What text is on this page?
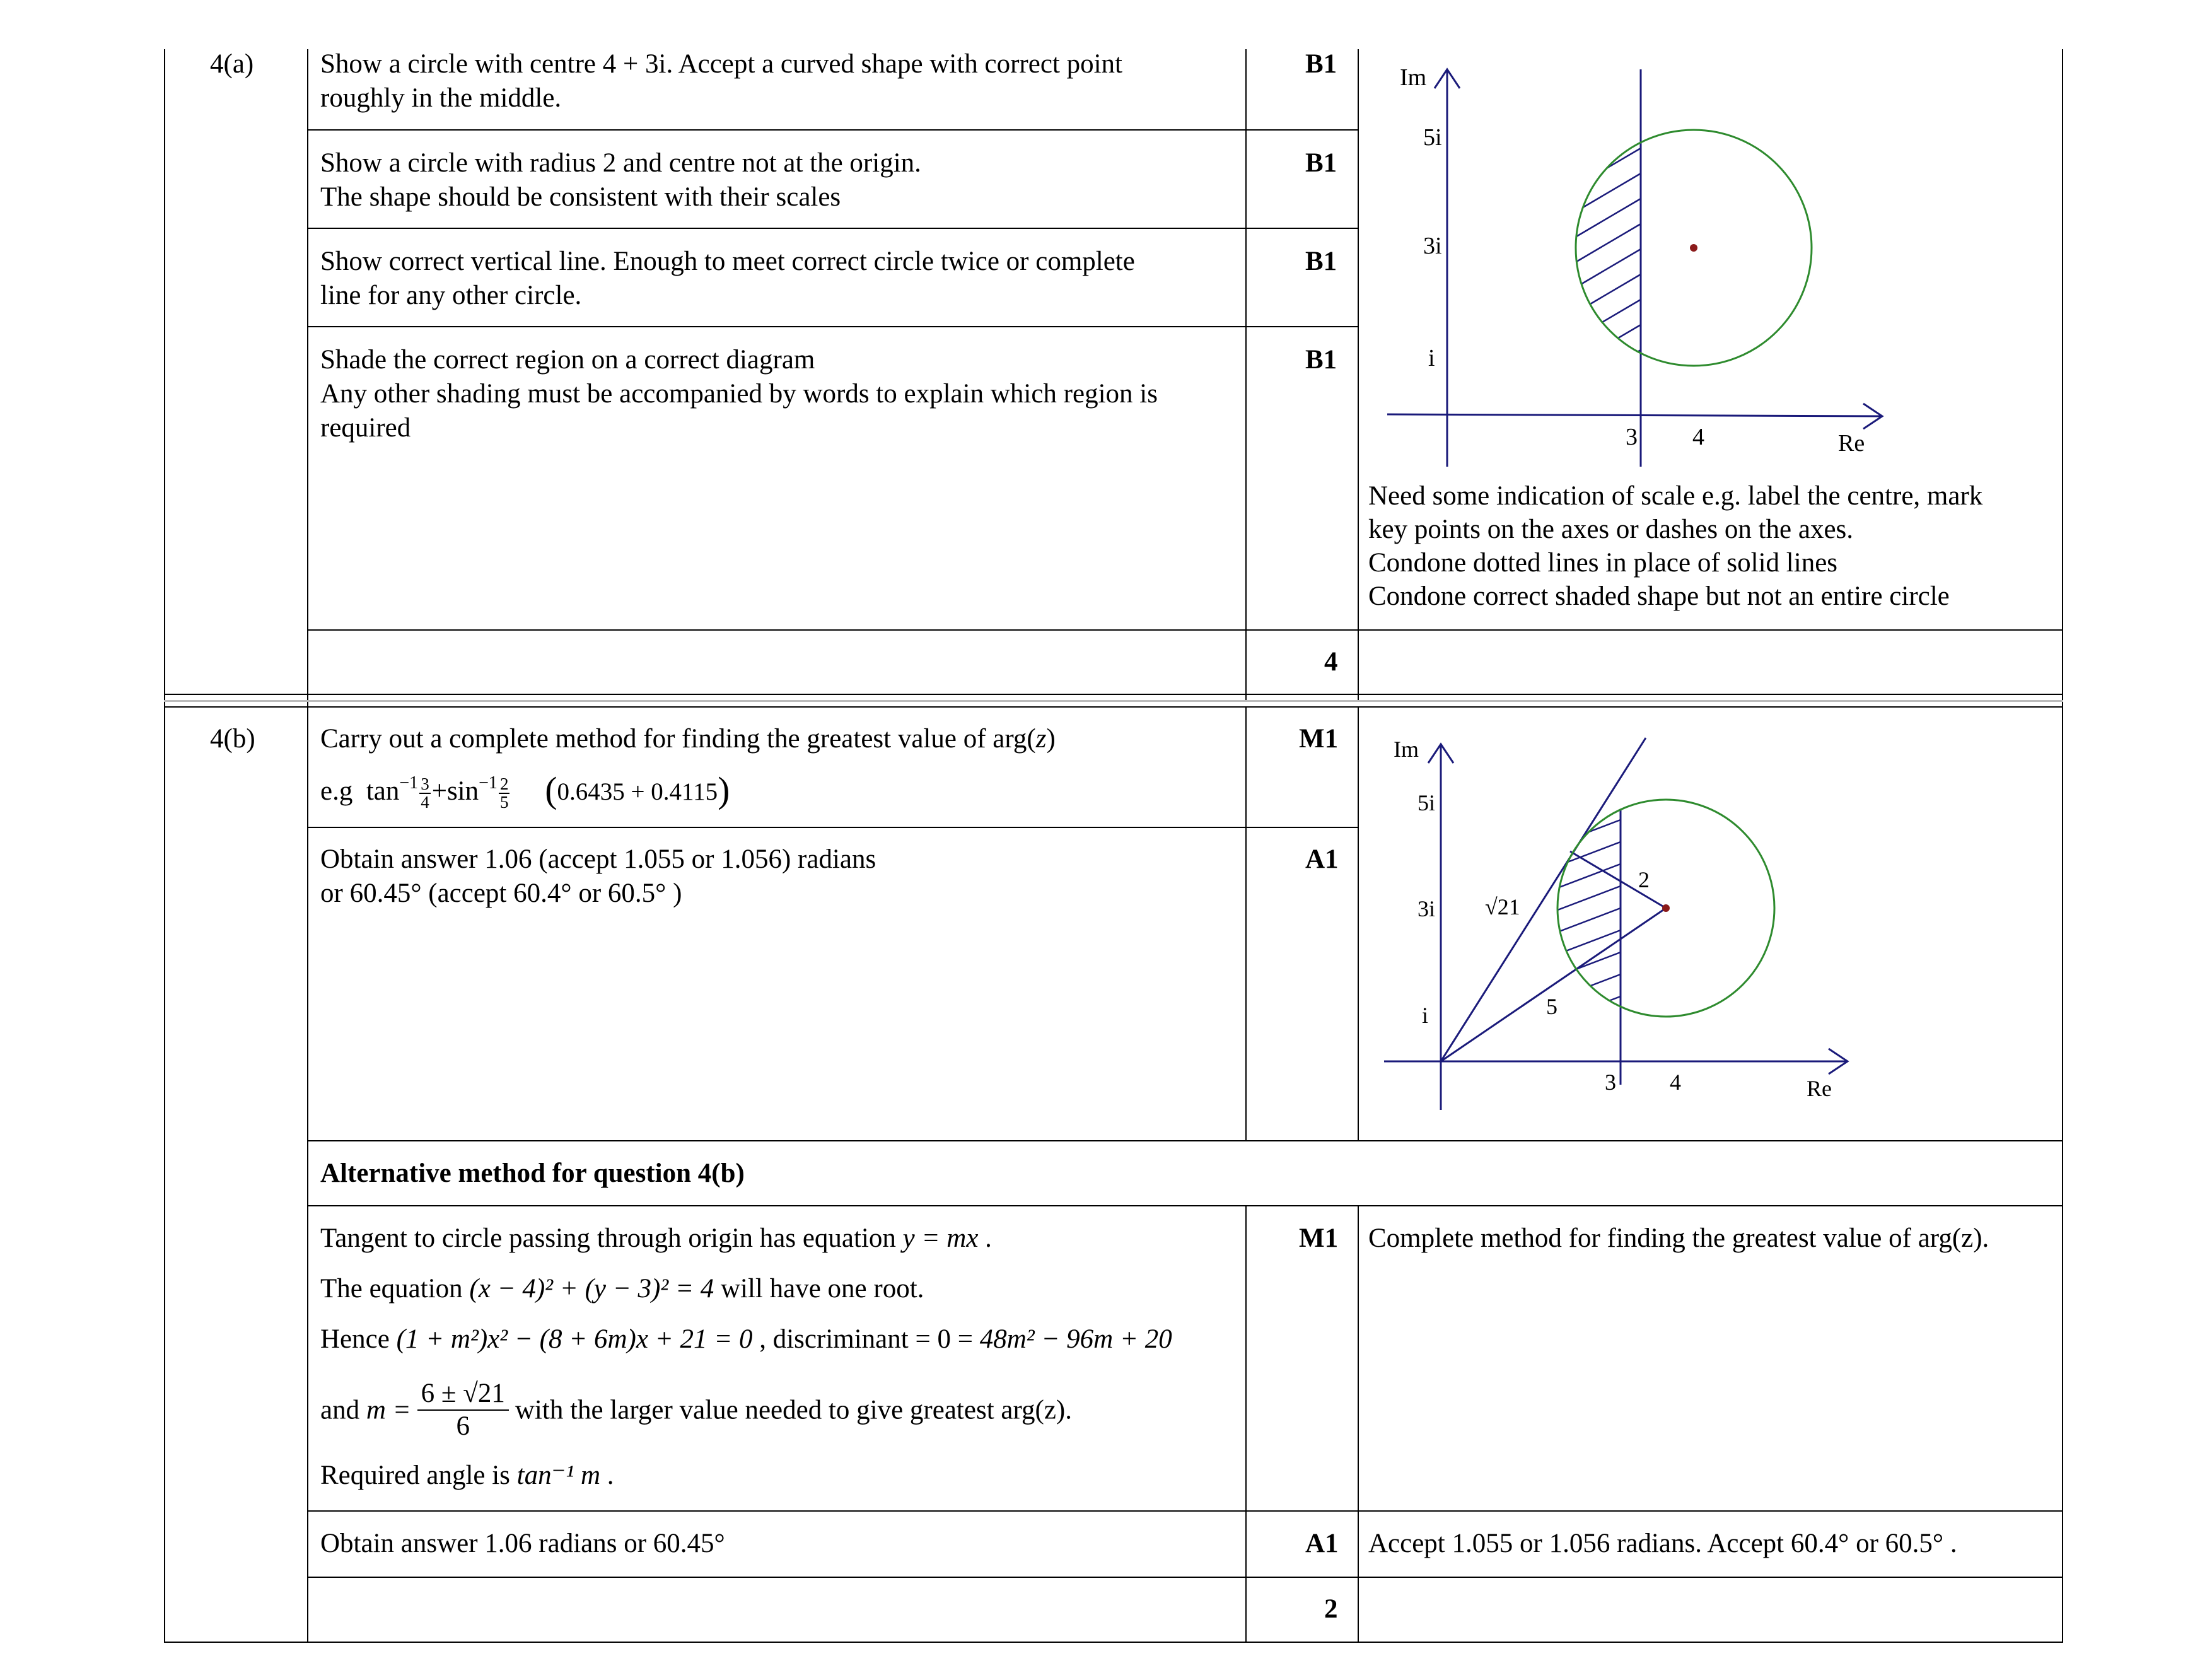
4(a) Show a circle with centre 4 + 3i. Accept a curved shape with correct point
roughly in the middle.
B1
Show a circle with radius 2 and centre not at the origin.
The shape should be consistent with their scales
B1
Show correct vertical line. Enough to meet correct circle twice or complete
line for any other circle.
B1
Shade the correct region on a correct diagram
Any other shading must be accompanied by words to explain which region is
required
B1
Im
5i
3i
i
3 4	Re
Need some indication of scale e.g. label the centre, mark
key points on the axes or dashes on the axes.
Condone dotted lines in place of solid lines
Condone correct shaded shape but not an entire circle
4
4(b) Carry out a complete method for finding the greatest value of arg(z)
e.g $\tan^{-1} \frac{3}{4} +\sin^{-1} \frac{2}{5} (0.6435 + 0.4115)$
M1
Obtain answer 1.06 (accept 1.055 or 1.056) radians
or 60.45° (accept 60.4° or 60.5° )
A1
Im
5i
3i
i
3 4	Re
√21
2
5
Alternative method for question 4(b)
Tangent to circle passing through origin has equation y = mx .
The equation (x − 4)² + (y − 3)² = 4 will have one root.
Hence (1 + m²)x² − (8 + 6m)x + 21 = 0 , discriminant = 0 = 48m² − 96m + 20
and $m = \frac{6 \pm √21}{6}$ with the larger value needed to give greatest arg(z).
Required angle is tan⁻¹ m .
M1 Complete method for finding the greatest value of arg(z).
Obtain answer 1.06 radians or 60.45°	A1 Accept 1.055 or 1.056 radians. Accept 60.4° or 60.5° .
2
